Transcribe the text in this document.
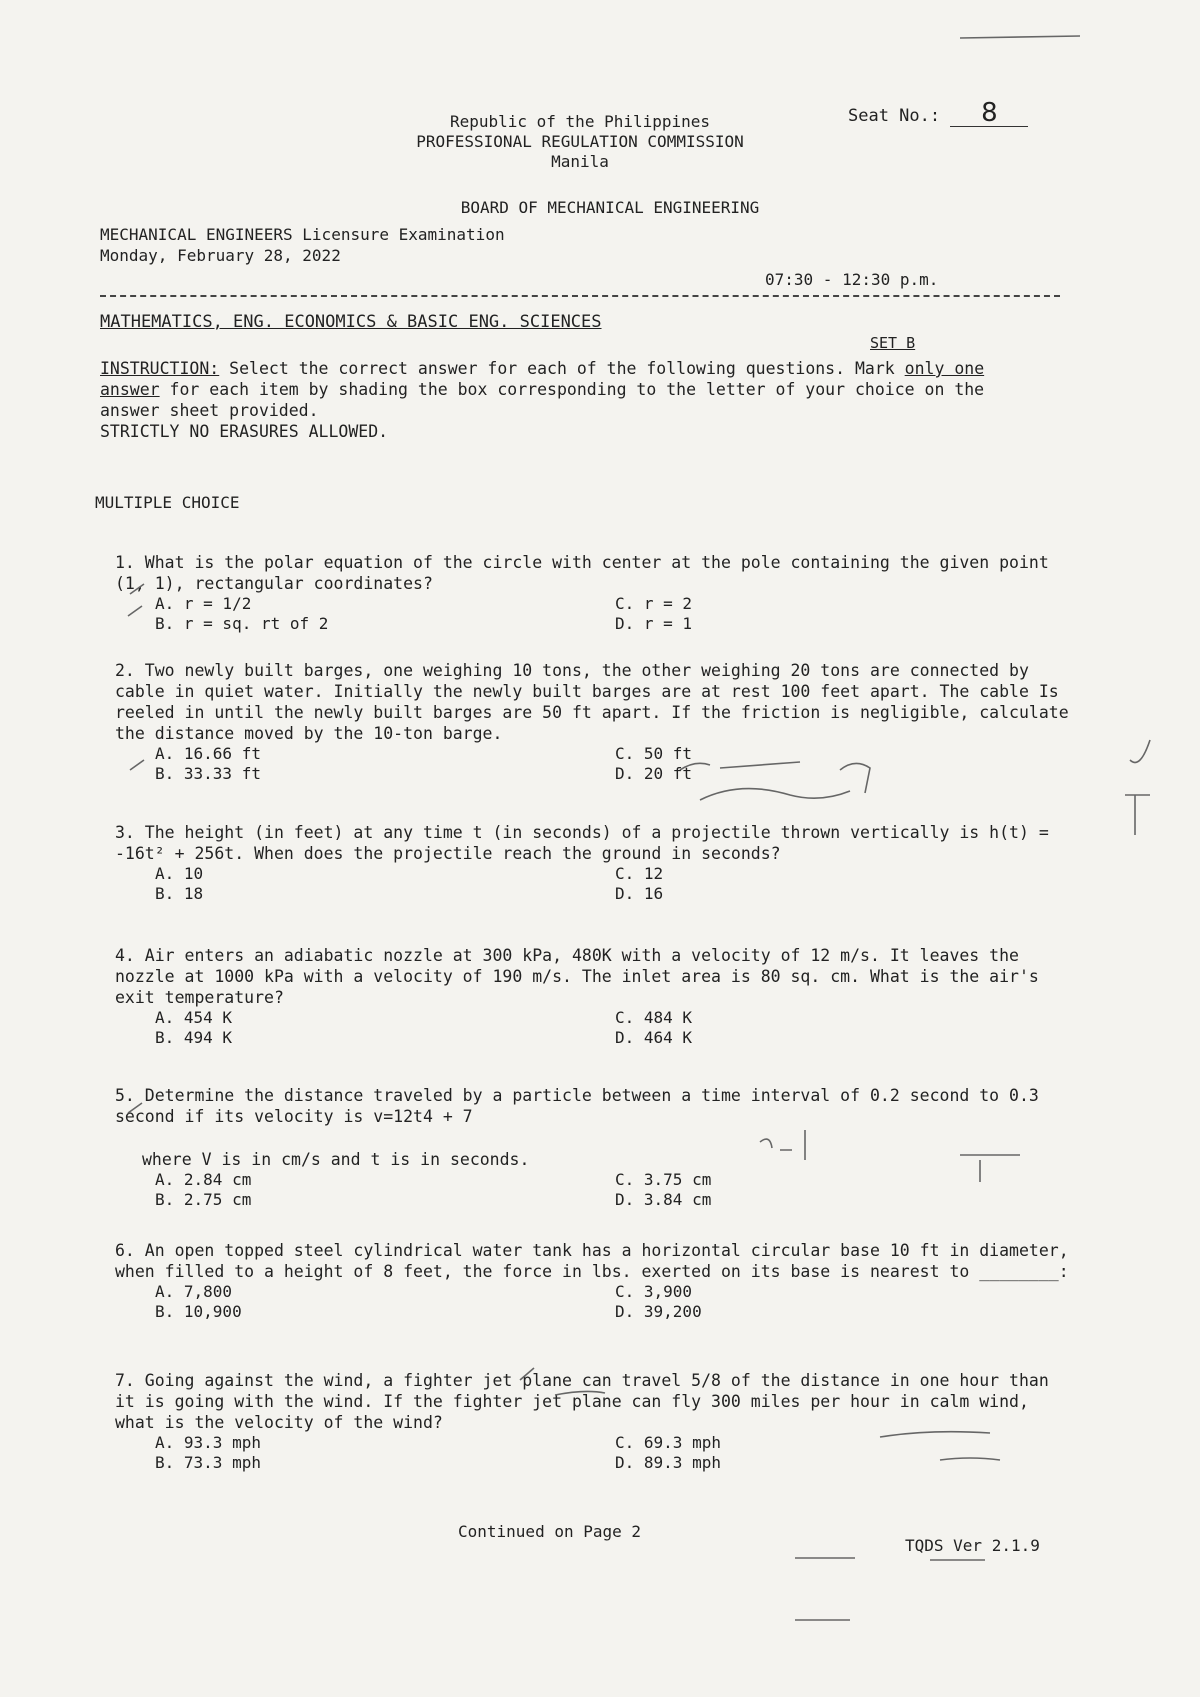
Republic of the Philippines
PROFESSIONAL REGULATION COMMISSION
Manila
Seat No.: 8
BOARD OF MECHANICAL ENGINEERING
MECHANICAL ENGINEERS Licensure Examination
Monday, February 28, 2022
07:30 - 12:30 p.m.
MATHEMATICS, ENG. ECONOMICS & BASIC ENG. SCIENCES
SET B
INSTRUCTION: Select the correct answer for each of the following questions. Mark only one answer for each item by shading the box corresponding to the letter of your choice on the answer sheet provided.
STRICTLY NO ERASURES ALLOWED.
MULTIPLE CHOICE
1. What is the polar equation of the circle with center at the pole containing the given point (1, 1), rectangular coordinates?
A. r = 1/2	C. r = 2
B. r = sq. rt of 2	D. r = 1
2. Two newly built barges, one weighing 10 tons, the other weighing 20 tons are connected by cable in quiet water. Initially the newly built barges are at rest 100 feet apart. The cable Is reeled in until the newly built barges are 50 ft apart. If the friction is negligible, calculate the distance moved by the 10-ton barge.
A. 16.66 ft	C. 50 ft
B. 33.33 ft	D. 20 ft
3. The height (in feet) at any time t (in seconds) of a projectile thrown vertically is h(t) = -16t² + 256t. When does the projectile reach the ground in seconds?
A. 10	C. 12
B. 18	D. 16
4. Air enters an adiabatic nozzle at 300 kPa, 480K with a velocity of 12 m/s. It leaves the nozzle at 1000 kPa with a velocity of 190 m/s. The inlet area is 80 sq. cm. What is the air's exit temperature?
A. 454 K	C. 484 K
B. 494 K	D. 464 K
5. Determine the distance traveled by a particle between a time interval of 0.2 second to 0.3 second if its velocity is v=12t4 + 7
where V is in cm/s and t is in seconds.
A. 2.84 cm	C. 3.75 cm
B. 2.75 cm	D. 3.84 cm
6. An open topped steel cylindrical water tank has a horizontal circular base 10 ft in diameter, when filled to a height of 8 feet, the force in lbs. exerted on its base is nearest to ________:
A. 7,800	C. 3,900
B. 10,900	D. 39,200
7. Going against the wind, a fighter jet plane can travel 5/8 of the distance in one hour than it is going with the wind. If the fighter jet plane can fly 300 miles per hour in calm wind, what is the velocity of the wind?
A. 93.3 mph	C. 69.3 mph
B. 73.3 mph	D. 89.3 mph
Continued on Page 2
TQDS Ver 2.1.9
